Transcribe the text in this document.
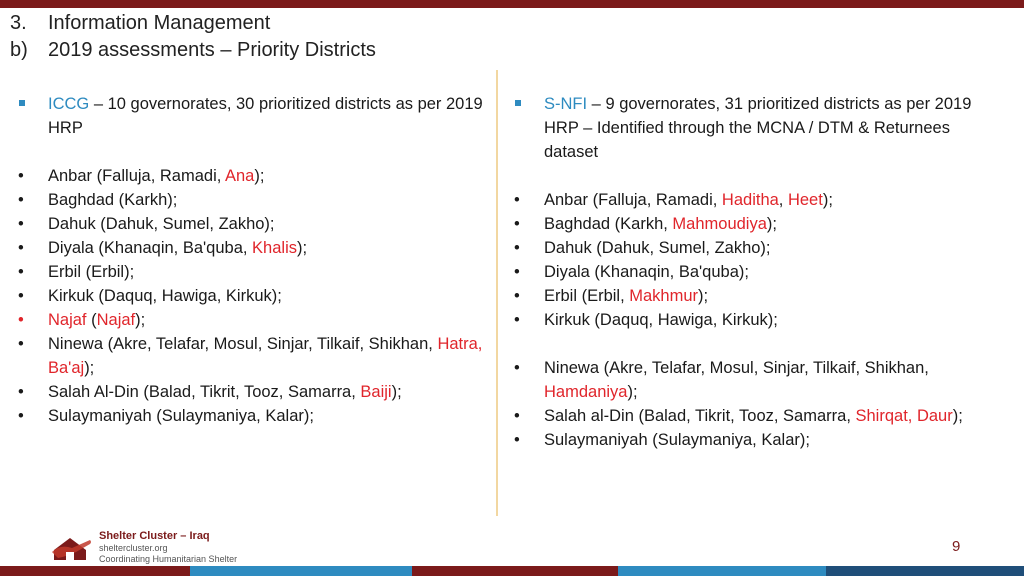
3.	Information Management
b)	2019 assessments – Priority Districts
ICCG – 10 governorates, 30 prioritized districts as per 2019 HRP
•	Anbar (Falluja, Ramadi, Ana);
•	Baghdad (Karkh);
•	Dahuk (Dahuk, Sumel, Zakho);
•	Diyala (Khanaqin, Ba'quba, Khalis);
•	Erbil (Erbil);
•	Kirkuk (Daquq, Hawiga, Kirkuk);
•	Najaf (Najaf);
•	Ninewa (Akre, Telafar, Mosul, Sinjar, Tilkaif, Shikhan, Hatra, Ba'aj);
•	Salah Al-Din (Balad, Tikrit, Tooz, Samarra, Baiji);
•	Sulaymaniyah (Sulaymaniya, Kalar);
S-NFI – 9 governorates, 31 prioritized districts as per 2019 HRP – Identified through the MCNA / DTM & Returnees dataset
•	Anbar (Falluja, Ramadi, Haditha, Heet);
•	Baghdad (Karkh, Mahmoudiya);
•	Dahuk (Dahuk, Sumel, Zakho);
•	Diyala (Khanaqin, Ba'quba);
•	Erbil (Erbil, Makhmur);
•	Kirkuk (Daquq, Hawiga, Kirkuk);
•	Ninewa (Akre, Telafar, Mosul, Sinjar, Tilkaif, Shikhan, Hamdaniya);
•	Salah al-Din (Balad, Tikrit, Tooz, Samarra, Shirqat, Daur);
•	Sulaymaniyah (Sulaymaniya, Kalar);
Shelter Cluster – Iraq
sheltercluster.org
Coordinating Humanitarian Shelter
9
